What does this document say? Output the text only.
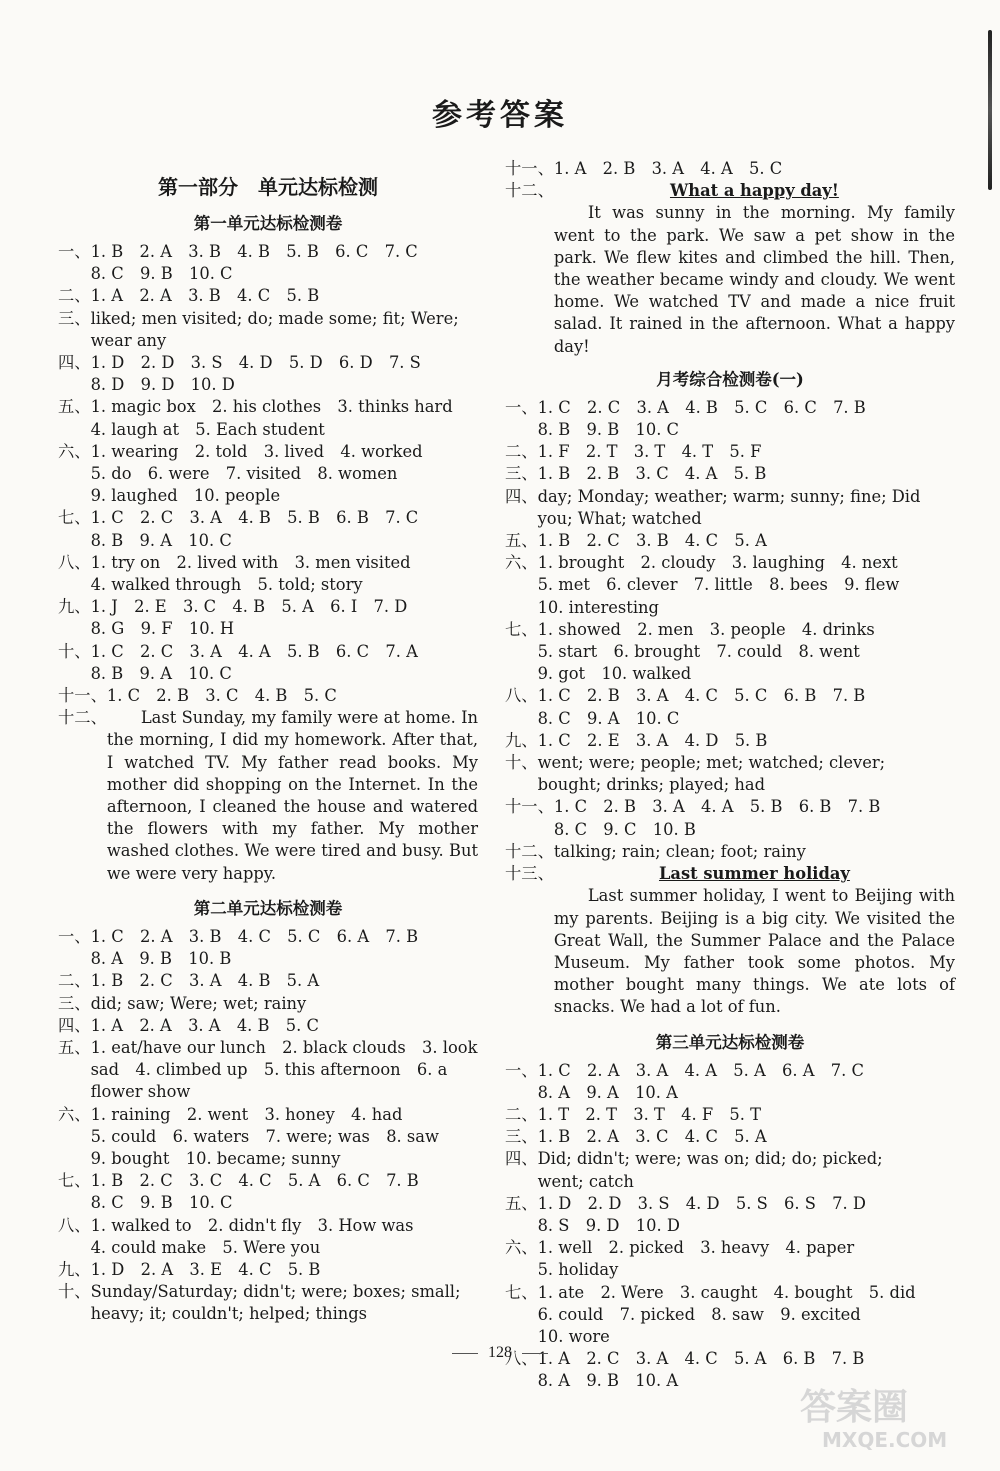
参考答案
第一部分　单元达标检测
第一单元达标检测卷
一、 1. B　2. A　3. B　4. B　5. B　6. C　7. C
8. C　9. B　10. C
二、 1. A　2. A　3. B　4. C　5. B
三、 liked; men visited; do; made some; fit; Were;
wear any
四、 1. D　2. D　3. S　4. D　5. D　6. D　7. S
8. D　9. D　10. D
五、 1. magic box　2. his clothes　3. thinks hard
4. laugh at　5. Each student
六、 1. wearing　2. told　3. lived　4. worked
5. do　6. were　7. visited　8. women
9. laughed　10. people
七、 1. C　2. C　3. A　4. B　5. B　6. B　7. C
8. B　9. A　10. C
八、 1. try on　2. lived with　3. men visited
4. walked through　5. told; story
九、 1. J　2. E　3. C　4. B　5. A　6. I　7. D
8. G　9. F　10. H
十、 1. C　2. C　3. A　4. A　5. B　6. C　7. A
8. B　9. A　10. C
十一、 1. C　2. B　3. C　4. B　5. C
十二、	Last Sunday, my family were at home. In the morning, I did my homework. After that, I watched TV. My father read books. My mother did shopping on the Internet. In the afternoon, I cleaned the house and watered the flowers with my father. My mother washed clothes. We were tired and busy. But we were very happy.
第二单元达标检测卷
一、 1. C　2. A　3. B　4. C　5. C　6. A　7. B
8. A　9. B　10. B
二、 1. B　2. C　3. A　4. B　5. A
三、 did; saw; Were; wet; rainy
四、 1. A　2. A　3. A　4. B　5. C
五、 1. eat/have our lunch　2. black clouds　3. look
sad　4. climbed up　5. this afternoon　6. a
flower show
六、 1. raining　2. went　3. honey　4. had
5. could　6. waters　7. were; was　8. saw
9. bought　10. became; sunny
七、 1. B　2. C　3. C　4. C　5. A　6. C　7. B
8. C　9. B　10. C
八、 1. walked to　2. didn't fly　3. How was
4. could make　5. Were you
九、 1. D　2. A　3. E　4. C　5. B
十、 Sunday/Saturday; didn't; were; boxes; small;
heavy; it; couldn't; helped; things
十一、 1. A　2. B　3. A　4. A　5. C
十二、	What a happy day!
It was sunny in the morning. My family went to the park. We saw a pet show in the park. We flew kites and climbed the hill. Then, the weather became windy and cloudy. We went home. We watched TV and made a nice fruit salad. It rained in the afternoon. What a happy day!
月考综合检测卷(一)
一、 1. C　2. C　3. A　4. B　5. C　6. C　7. B
8. B　9. B　10. C
二、 1. F　2. T　3. T　4. T　5. F
三、 1. B　2. B　3. C　4. A　5. B
四、 day; Monday; weather; warm; sunny; fine; Did
you; What; watched
五、 1. B　2. C　3. B　4. C　5. A
六、 1. brought　2. cloudy　3. laughing　4. next
5. met　6. clever　7. little　8. bees　9. flew
10. interesting
七、 1. showed　2. men　3. people　4. drinks
5. start　6. brought　7. could　8. went
9. got　10. walked
八、 1. C　2. B　3. A　4. C　5. C　6. B　7. B
8. C　9. A　10. C
九、 1. C　2. E　3. A　4. D　5. B
十、 went; were; people; met; watched; clever;
bought; drinks; played; had
十一、 1. C　2. B　3. A　4. A　5. B　6. B　7. B
8. C　9. C　10. B
十二、 talking; rain; clean; foot; rainy
十三、	Last summer holiday
Last summer holiday, I went to Beijing with my parents. Beijing is a big city. We visited the Great Wall, the Summer Palace and the Palace Museum. My father took some photos. My mother bought many things. We ate lots of snacks. We had a lot of fun.
第三单元达标检测卷
一、 1. C　2. A　3. A　4. A　5. A　6. A　7. C
8. A　9. A　10. A
二、 1. T　2. T　3. T　4. F　5. T
三、 1. B　2. A　3. C　4. C　5. A
四、 Did; didn't; were; was on; did; do; picked;
went; catch
五、 1. D　2. D　3. S　4. D　5. S　6. S　7. D
8. S　9. D　10. D
六、 1. well　2. picked　3. heavy　4. paper
5. holiday
七、 1. ate　2. Were　3. caught　4. bought　5. did
6. could　7. picked　8. saw　9. excited
10. wore
八、 1. A　2. C　3. A　4. C　5. A　6. B　7. B
8. A　9. B　10. A
128
答案圈
MXQE.COM
